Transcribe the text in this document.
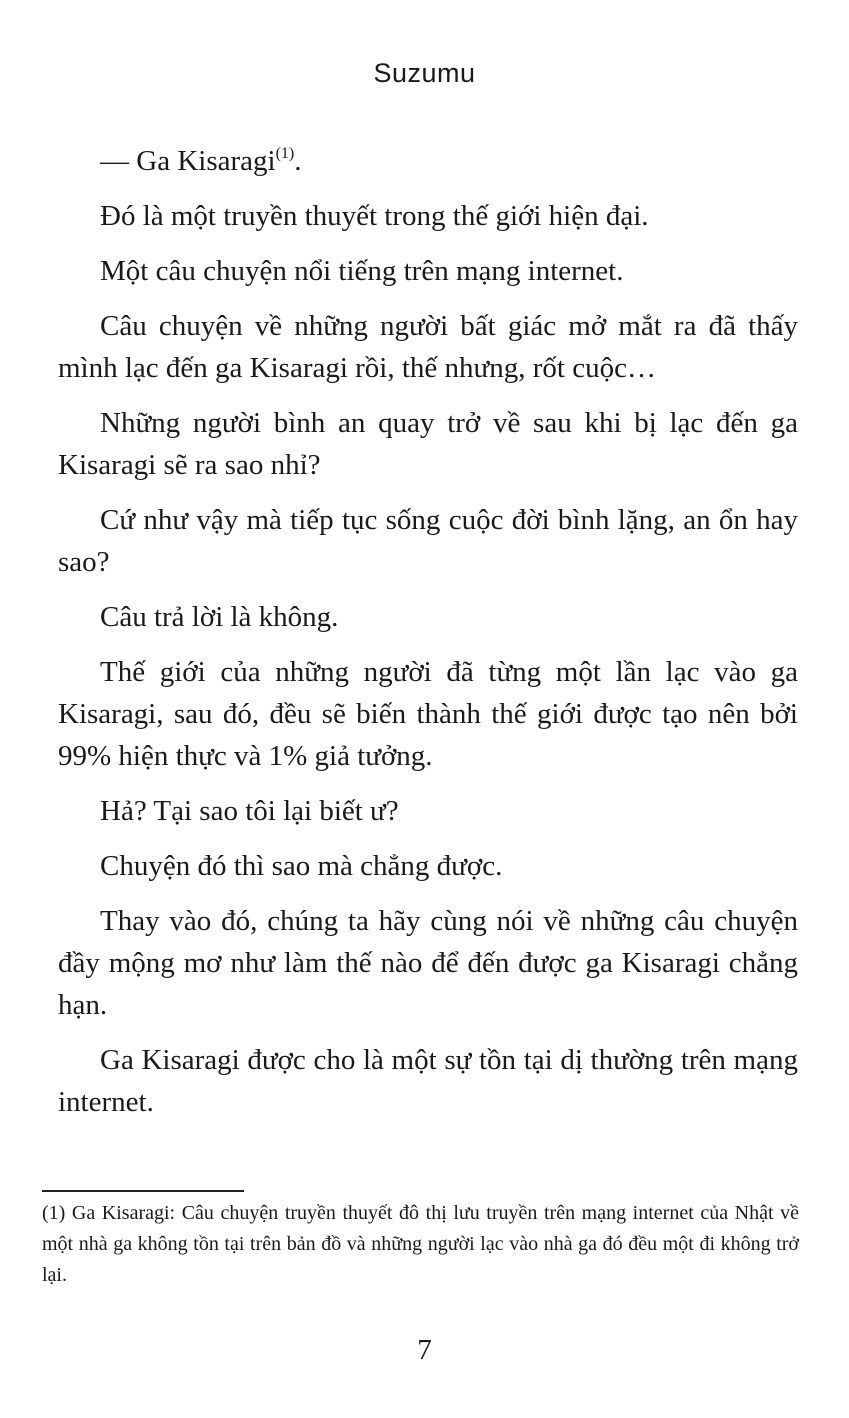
Suzumu

— Ga Kisaragi$^{(1)}$.

Đó là một truyền thuyết trong thế giới hiện đại.

Một câu chuyện nổi tiếng trên mạng internet.

Câu chuyện về những người bất giác mở mắt ra đã thấy mình lạc đến ga Kisaragi rồi, thế nhưng, rốt cuộc…

Những người bình an quay trở về sau khi bị lạc đến ga Kisaragi sẽ ra sao nhỉ?

Cứ như vậy mà tiếp tục sống cuộc đời bình lặng, an ổn hay sao?

Câu trả lời là không.

Thế giới của những người đã từng một lần lạc vào ga Kisaragi, sau đó, đều sẽ biến thành thế giới được tạo nên bởi 99% hiện thực và 1% giả tưởng.

Hả? Tại sao tôi lại biết ư?

Chuyện đó thì sao mà chẳng được.

Thay vào đó, chúng ta hãy cùng nói về những câu chuyện đầy mộng mơ như làm thế nào để đến được ga Kisaragi chẳng hạn.

Ga Kisaragi được cho là một sự tồn tại dị thường trên mạng internet.

(1) Ga Kisaragi: Câu chuyện truyền thuyết đô thị lưu truyền trên mạng internet của Nhật về một nhà ga không tồn tại trên bản đồ và những người lạc vào nhà ga đó đều một đi không trở lại.
7
